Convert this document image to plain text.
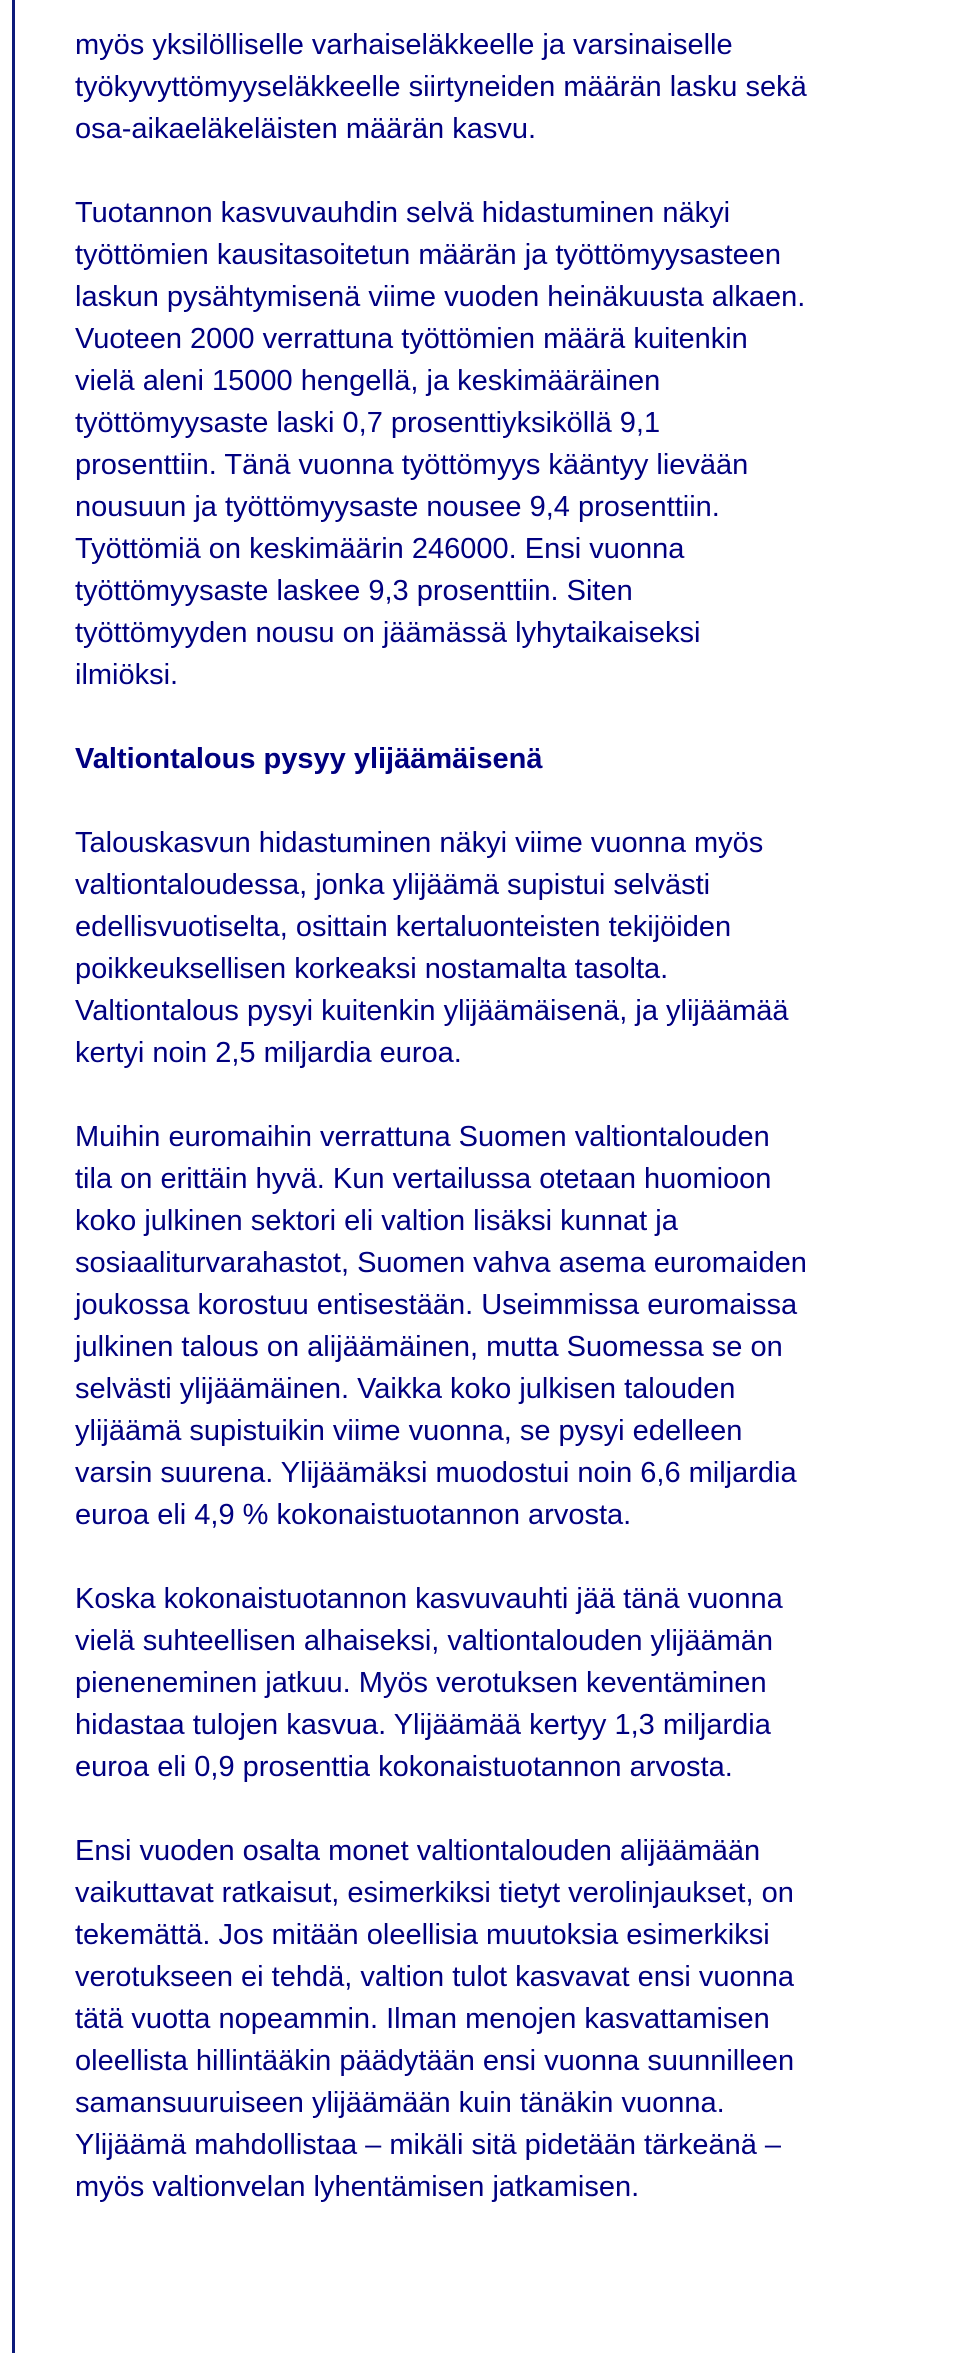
myös yksilölliselle varhaiseläkkeelle ja varsinaiselle
työkyvyttömyyseläkkeelle siirtyneiden määrän lasku sekä
osa-aikaeläkeläisten määrän kasvu.

Tuotannon kasvuvauhdin selvä hidastuminen näkyi
työttömien kausitasoitetun määrän ja työttömyysasteen
laskun pysähtymisenä viime vuoden heinäkuusta alkaen.
Vuoteen 2000 verrattuna työttömien määrä kuitenkin
vielä aleni 15000 hengellä, ja keskimääräinen
työttömyysaste laski 0,7 prosenttiyksiköllä 9,1
prosenttiin. Tänä vuonna työttömyys kääntyy lievään
nousuun ja työttömyysaste nousee 9,4 prosenttiin.
Työttömiä on keskimäärin 246000. Ensi vuonna
työttömyysaste laskee 9,3 prosenttiin. Siten
työttömyyden nousu on jäämässä lyhytaikaiseksi
ilmiöksi.

Valtiontalous pysyy ylijäämäisenä

Talouskasvun hidastuminen näkyi viime vuonna myös
valtiontaloudessa, jonka ylijäämä supistui selvästi
edellisvuotiselta, osittain kertaluonteisten tekijöiden
poikkeuksellisen korkeaksi nostamalta tasolta.
Valtiontalous pysyi kuitenkin ylijäämäisenä, ja ylijäämää
kertyi noin 2,5 miljardia euroa.

Muihin euromaihin verrattuna Suomen valtiontalouden
tila on erittäin hyvä. Kun vertailussa otetaan huomioon
koko julkinen sektori eli valtion lisäksi kunnat ja
sosiaaliturvarahastot, Suomen vahva asema euromaiden
joukossa korostuu entisestään. Useimmissa euromaissa
julkinen talous on alijäämäinen, mutta Suomessa se on
selvästi ylijäämäinen. Vaikka koko julkisen talouden
ylijäämä supistuikin viime vuonna, se pysyi edelleen
varsin suurena. Ylijäämäksi muodostui noin 6,6 miljardia
euroa eli 4,9 % kokonaistuotannon arvosta.

Koska kokonaistuotannon kasvuvauhti jää tänä vuonna
vielä suhteellisen alhaiseksi, valtiontalouden ylijäämän
pieneneminen jatkuu. Myös verotuksen keventäminen
hidastaa tulojen kasvua. Ylijäämää kertyy 1,3 miljardia
euroa eli 0,9 prosenttia kokonaistuotannon arvosta.

Ensi vuoden osalta monet valtiontalouden alijäämään
vaikuttavat ratkaisut, esimerkiksi tietyt verolinjaukset, on
tekemättä. Jos mitään oleellisia muutoksia esimerkiksi
verotukseen ei tehdä, valtion tulot kasvavat ensi vuonna
tätä vuotta nopeammin. Ilman menojen kasvattamisen
oleellista hillintääkin päädytään ensi vuonna suunnilleen
samansuuruiseen ylijäämään kuin tänäkin vuonna.
Ylijäämä mahdollistaa – mikäli sitä pidetään tärkeänä –
myös valtionvelan lyhentämisen jatkamisen.
